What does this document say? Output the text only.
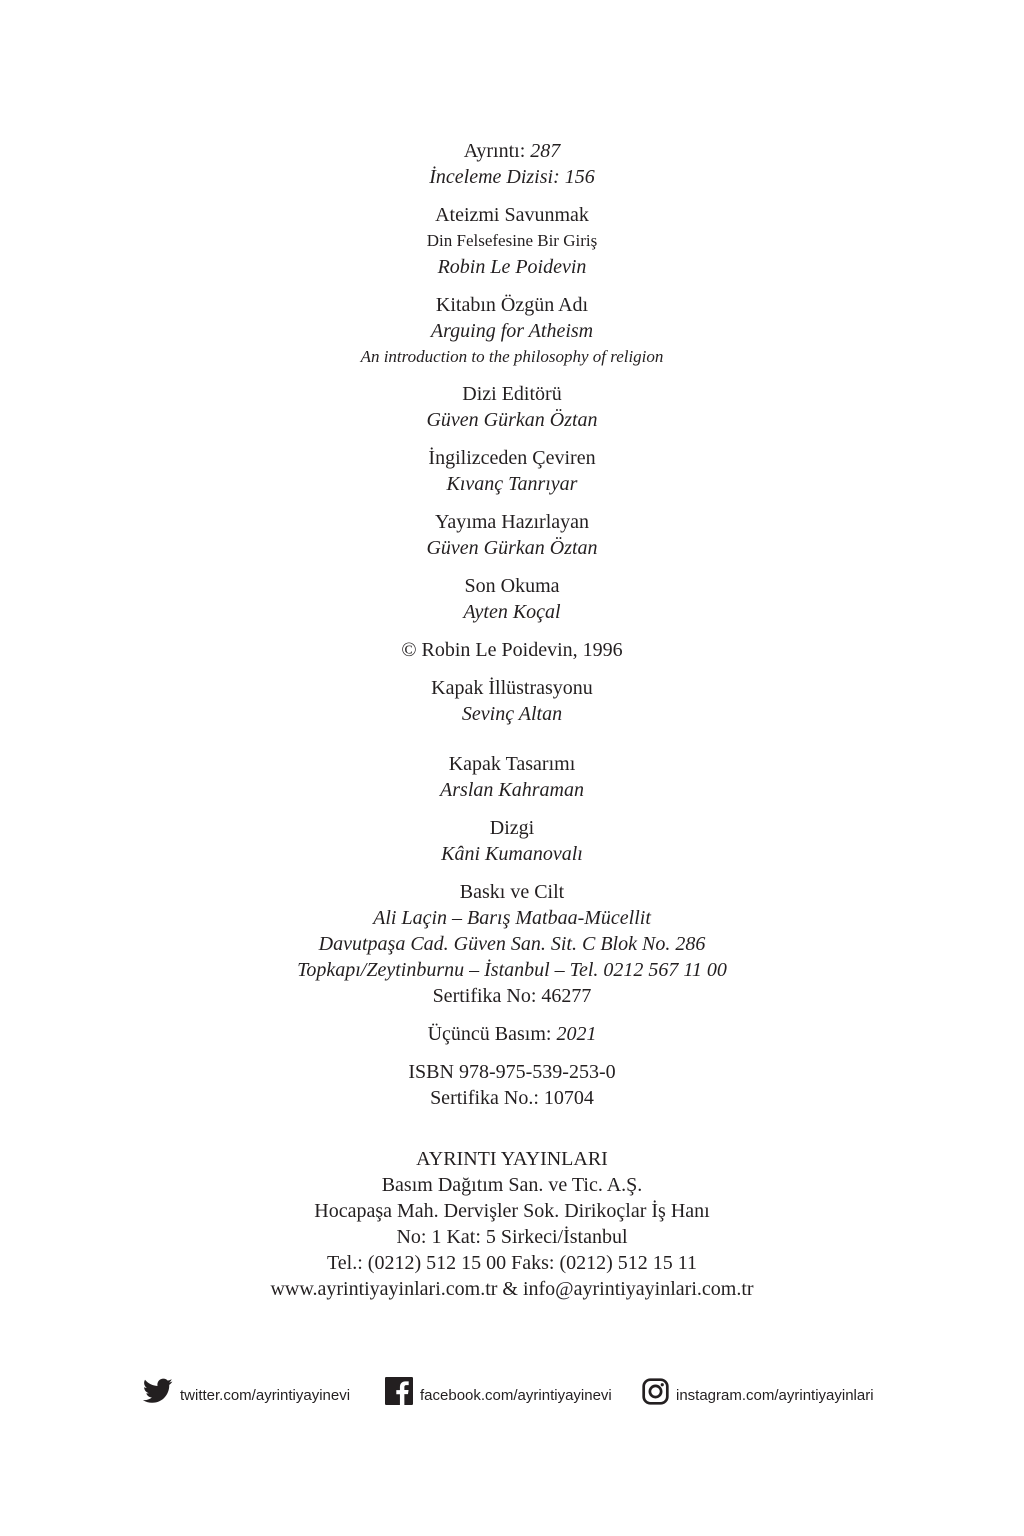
Ayrıntı: 287
İnceleme Dizisi: 156

Ateizmi Savunmak
Din Felsefesine Bir Giriş
Robin Le Poidevin

Kitabın Özgün Adı
Arguing for Atheism
An introduction to the philosophy of religion

Dizi Editörü
Güven Gürkan Öztan

İngilizceden Çeviren
Kıvanç Tanrıyar

Yayıma Hazırlayan
Güven Gürkan Öztan

Son Okuma
Ayten Koçal

© Robin Le Poidevin, 1996

Kapak İllüstrasyonu
Sevinç Altan

Kapak Tasarımı
Arslan Kahraman

Dizgi
Kâni Kumanovalı

Baskı ve Cilt
Ali Laçin – Barış Matbaa-Mücellit
Davutpaşa Cad. Güven San. Sit. C Blok No. 286
Topkapı/Zeytinburnu – İstanbul – Tel. 0212 567 11 00
Sertifika No: 46277

Üçüncü Basım: 2021

ISBN 978-975-539-253-0
Sertifika No.: 10704

AYRINTI YAYINLARI
Basım Dağıtım San. ve Tic. A.Ş.
Hocapaşa Mah. Dervişler Sok. Dirikoçlar İş Hanı
No: 1 Kat: 5 Sirkeci/İstanbul
Tel.: (0212) 512 15 00 Faks: (0212) 512 15 11
www.ayrintiyayinlari.com.tr & info@ayrintiyayinlari.com.tr
twitter.com/ayrintiyayinevi	facebook.com/ayrintiyayinevi	instagram.com/ayrintiyayinlari
